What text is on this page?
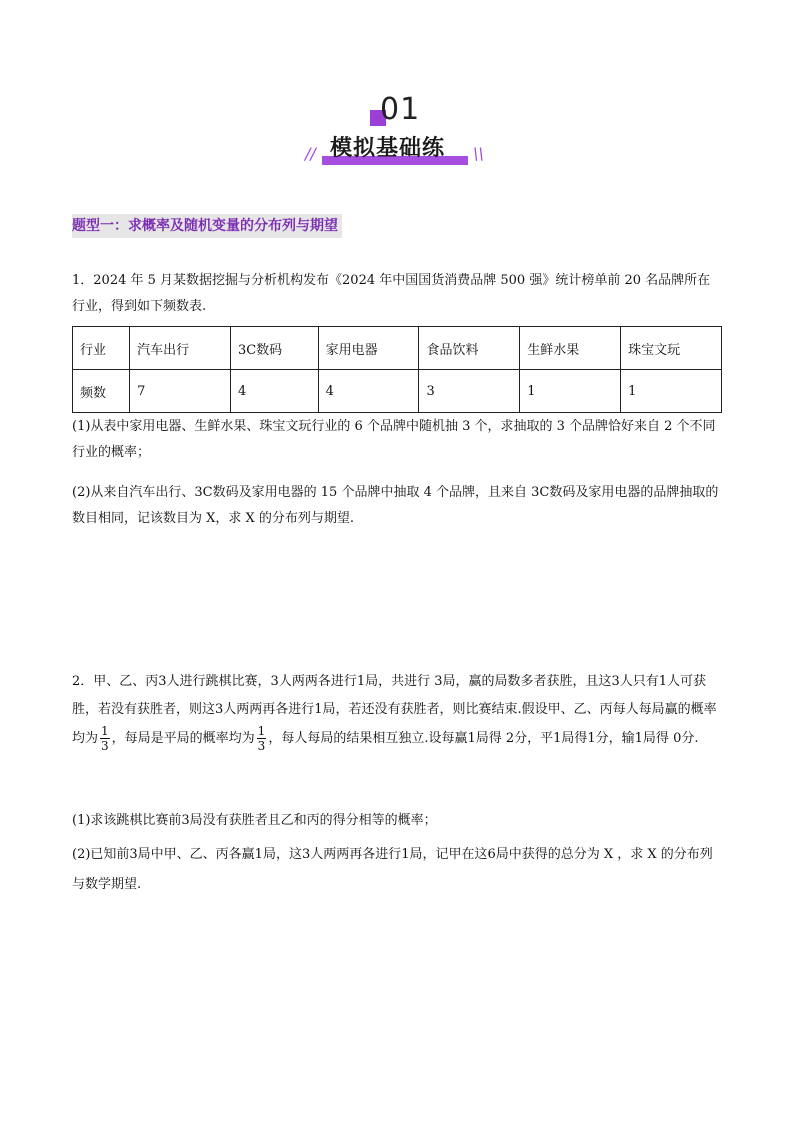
01
// 模拟基础练 \\
题型一：求概率及随机变量的分布列与期望
1．2024 年 5 月某数据挖掘与分析机构发布《2024 年中国国货消费品牌 500 强》统计榜单前 20 名品牌所在行业，得到如下频数表.
行业	汽车出行	3C数码	家用电器	食品饮料	生鲜水果	珠宝文玩
频数	7	4	4	3	1	1
(1)从表中家用电器、生鲜水果、珠宝文玩行业的 6 个品牌中随机抽 3 个，求抽取的 3 个品牌恰好来自 2 个不同行业的概率；
(2)从来自汽车出行、3C数码及家用电器的 15 个品牌中抽取 4 个品牌，且来自 3C数码及家用电器的品牌抽取的数目相同，记该数目为 X，求 X 的分布列与期望.
2．甲、乙、丙3人进行跳棋比赛，3人两两各进行1局，共进行 3局，赢的局数多者获胜，且这3人只有1人可获胜，若没有获胜者，则这3人两两再各进行1局，若还没有获胜者，则比赛结束.假设甲、乙、丙每人每局赢的概率均为 $\frac{1}{3}$ ，每局是平局的概率均为 $\frac{1}{3}$ ，每人每局的结果相互独立.设每赢1局得 2分，平1局得1分，输1局得 0分.
(1)求该跳棋比赛前3局没有获胜者且乙和丙的得分相等的概率；
(2)已知前3局中甲、乙、丙各赢1局，这3人两两再各进行1局，记甲在这6局中获得的总分为 X ，求 X 的分布列与数学期望.
